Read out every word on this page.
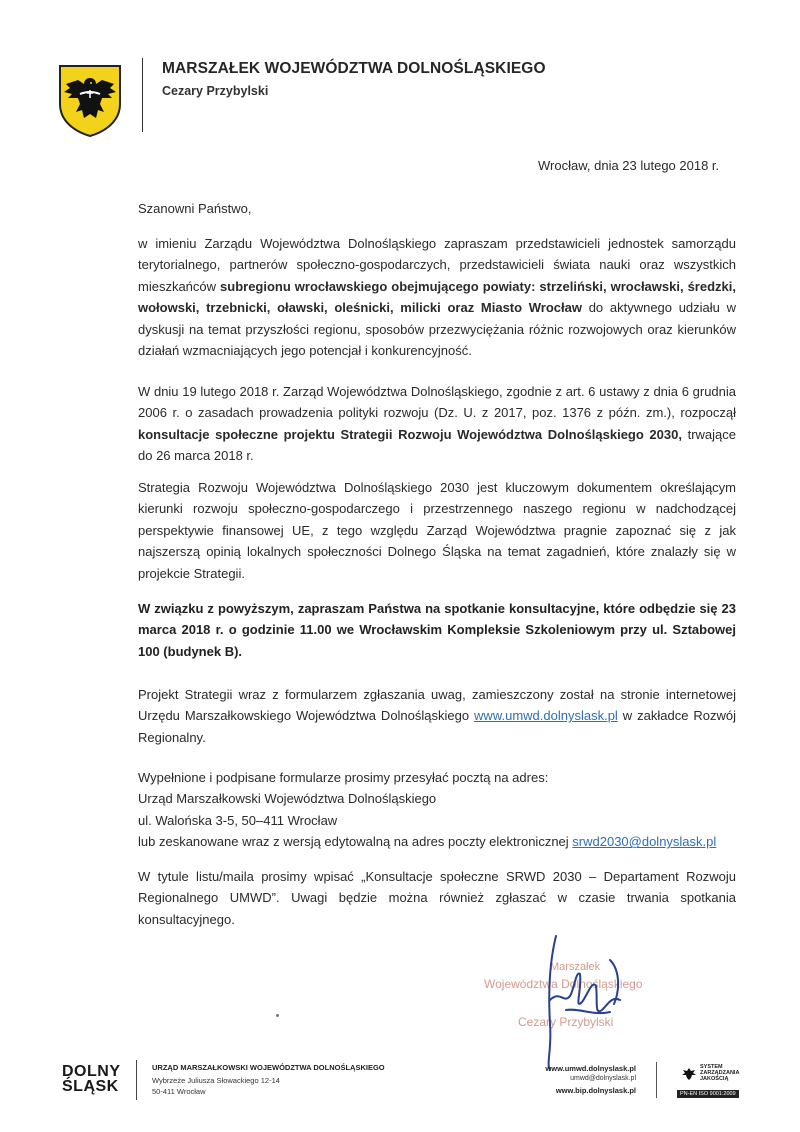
MARSZAŁEK WOJEWÓDZTWA DOLNOŚLĄSKIEGO
Cezary Przybylski
Wrocław, dnia 23 lutego 2018 r.
Szanowni Państwo,

w imieniu Zarządu Województwa Dolnośląskiego zapraszam przedstawicieli jednostek samorządu terytorialnego, partnerów społeczno-gospodarczych, przedstawicieli świata nauki oraz wszystkich mieszkańców subregionu wrocławskiego obejmującego powiaty: strzeliński, wrocławski, średzki, wołowski, trzebnicki, oławski, oleśnicki, milicki oraz Miasto Wrocław do aktywnego udziału w dyskusji na temat przyszłości regionu, sposobów przezwyciężania różnic rozwojowych oraz kierunków działań wzmacniających jego potencjał i konkurencyjność.

W dniu 19 lutego 2018 r. Zarząd Województwa Dolnośląskiego, zgodnie z art. 6 ustawy z dnia 6 grudnia 2006 r. o zasadach prowadzenia polityki rozwoju (Dz. U. z 2017, poz. 1376 z późn. zm.), rozpoczął konsultacje społeczne projektu Strategii Rozwoju Województwa Dolnośląskiego 2030, trwające do 26 marca 2018 r.

Strategia Rozwoju Województwa Dolnośląskiego 2030 jest kluczowym dokumentem określającym kierunki rozwoju społeczno-gospodarczego i przestrzennego naszego regionu w nadchodzącej perspektywie finansowej UE, z tego względu Zarząd Województwa pragnie zapoznać się z jak najszerszą opinią lokalnych społeczności Dolnego Śląska na temat zagadnień, które znalazły się w projekcie Strategii.

W związku z powyższym, zapraszam Państwa na spotkanie konsultacyjne, które odbędzie się 23 marca 2018 r. o godzinie 11.00 we Wrocławskim Kompleksie Szkoleniowym przy ul. Sztabowej 100 (budynek B).

Projekt Strategii wraz z formularzem zgłaszania uwag, zamieszczony został na stronie internetowej Urzędu Marszałkowskiego Województwa Dolnośląskiego www.umwd.dolnyslask.pl w zakładce Rozwój Regionalny.

Wypełnione i podpisane formularze prosimy przesyłać pocztą na adres:
Urząd Marszałkowski Województwa Dolnośląskiego
ul. Walońska 3-5, 50–411 Wrocław
lub zeskanowane wraz z wersją edytowalną na adres poczty elektronicznej srwd2030@dolnyslask.pl

W tytule listu/maila prosimy wpisać „Konsultacje społeczne SRWD 2030 – Departament Rozwoju Regionalnego UMWD”. Uwagi będzie można również zgłaszać w czasie trwania spotkania konsultacyjnego.

Marszałek
Województwa Dolnośląskiego
Cezary Przybylski
DOLNY
ŚLĄSK
URZĄD MARSZAŁKOWSKI WOJEWÓDZTWA DOLNOŚLĄSKIEGO
Wybrzeże Juliusza Słowackiego 12-14
50-411 Wrocław
www.umwd.dolnyslask.pl
umwd@dolnyslask.pl
www.bip.dolnyslask.pl
SYSTEM
ZARZĄDZANIA
JAKOŚCIĄ
PN-EN ISO 9001:2009
